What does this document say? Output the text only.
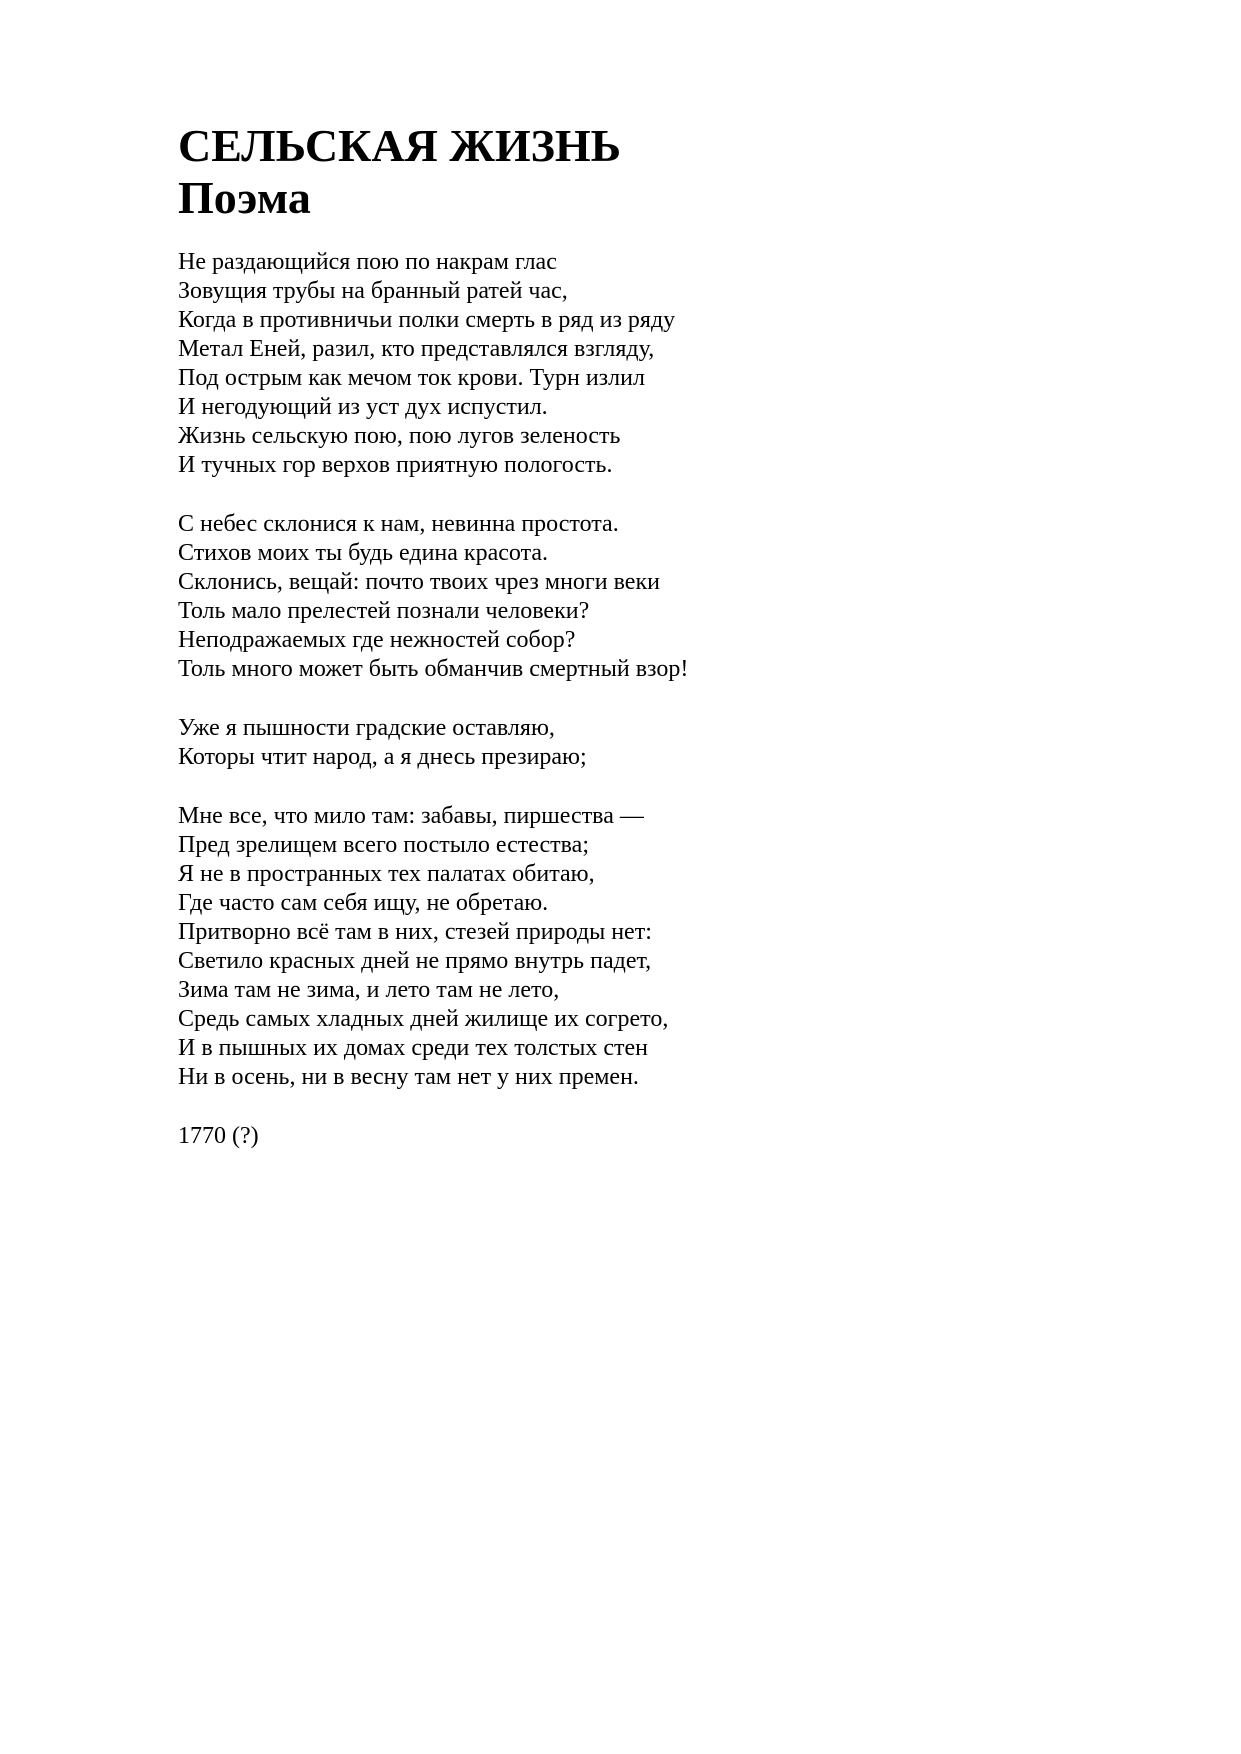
СЕЛЬСКАЯ ЖИЗНЬ
Поэма
Не раздающийся пою по накрам глас
Зовущия трубы на бранный ратей час,
Когда в противничьи полки смерть в ряд из ряду
Метал Еней, разил, кто представлялся взгляду,
Под острым как мечом ток крови. Турн излил
И негодующий из уст дух испустил.
Жизнь сельскую пою, пою лугов зеленость
И тучных гор верхов приятную пологость.
С небес склонися к нам, невинна простота.
Стихов моих ты будь едина красота.
Склонись, вещай: почто твоих чрез многи веки
Толь мало прелестей познали человеки?
Неподражаемых где нежностей собор?
Толь много может быть обманчив смертный взор!
Уже я пышности градские оставляю,
Которы чтит народ, а я днесь презираю;
Мне все, что мило там: забавы, пиршества —
Пред зрелищем всего постыло естества;
Я не в пространных тех палатах обитаю,
Где часто сам себя ищу, не обретаю.
Притворно всё там в них, стезей природы нет:
Светило красных дней не прямо внутрь падет,
Зима там не зима, и лето там не лето,
Средь самых хладных дней жилище их согрето,
И в пышных их домах среди тех толстых стен
Ни в осень, ни в весну там нет у них премен.
1770 (?)
